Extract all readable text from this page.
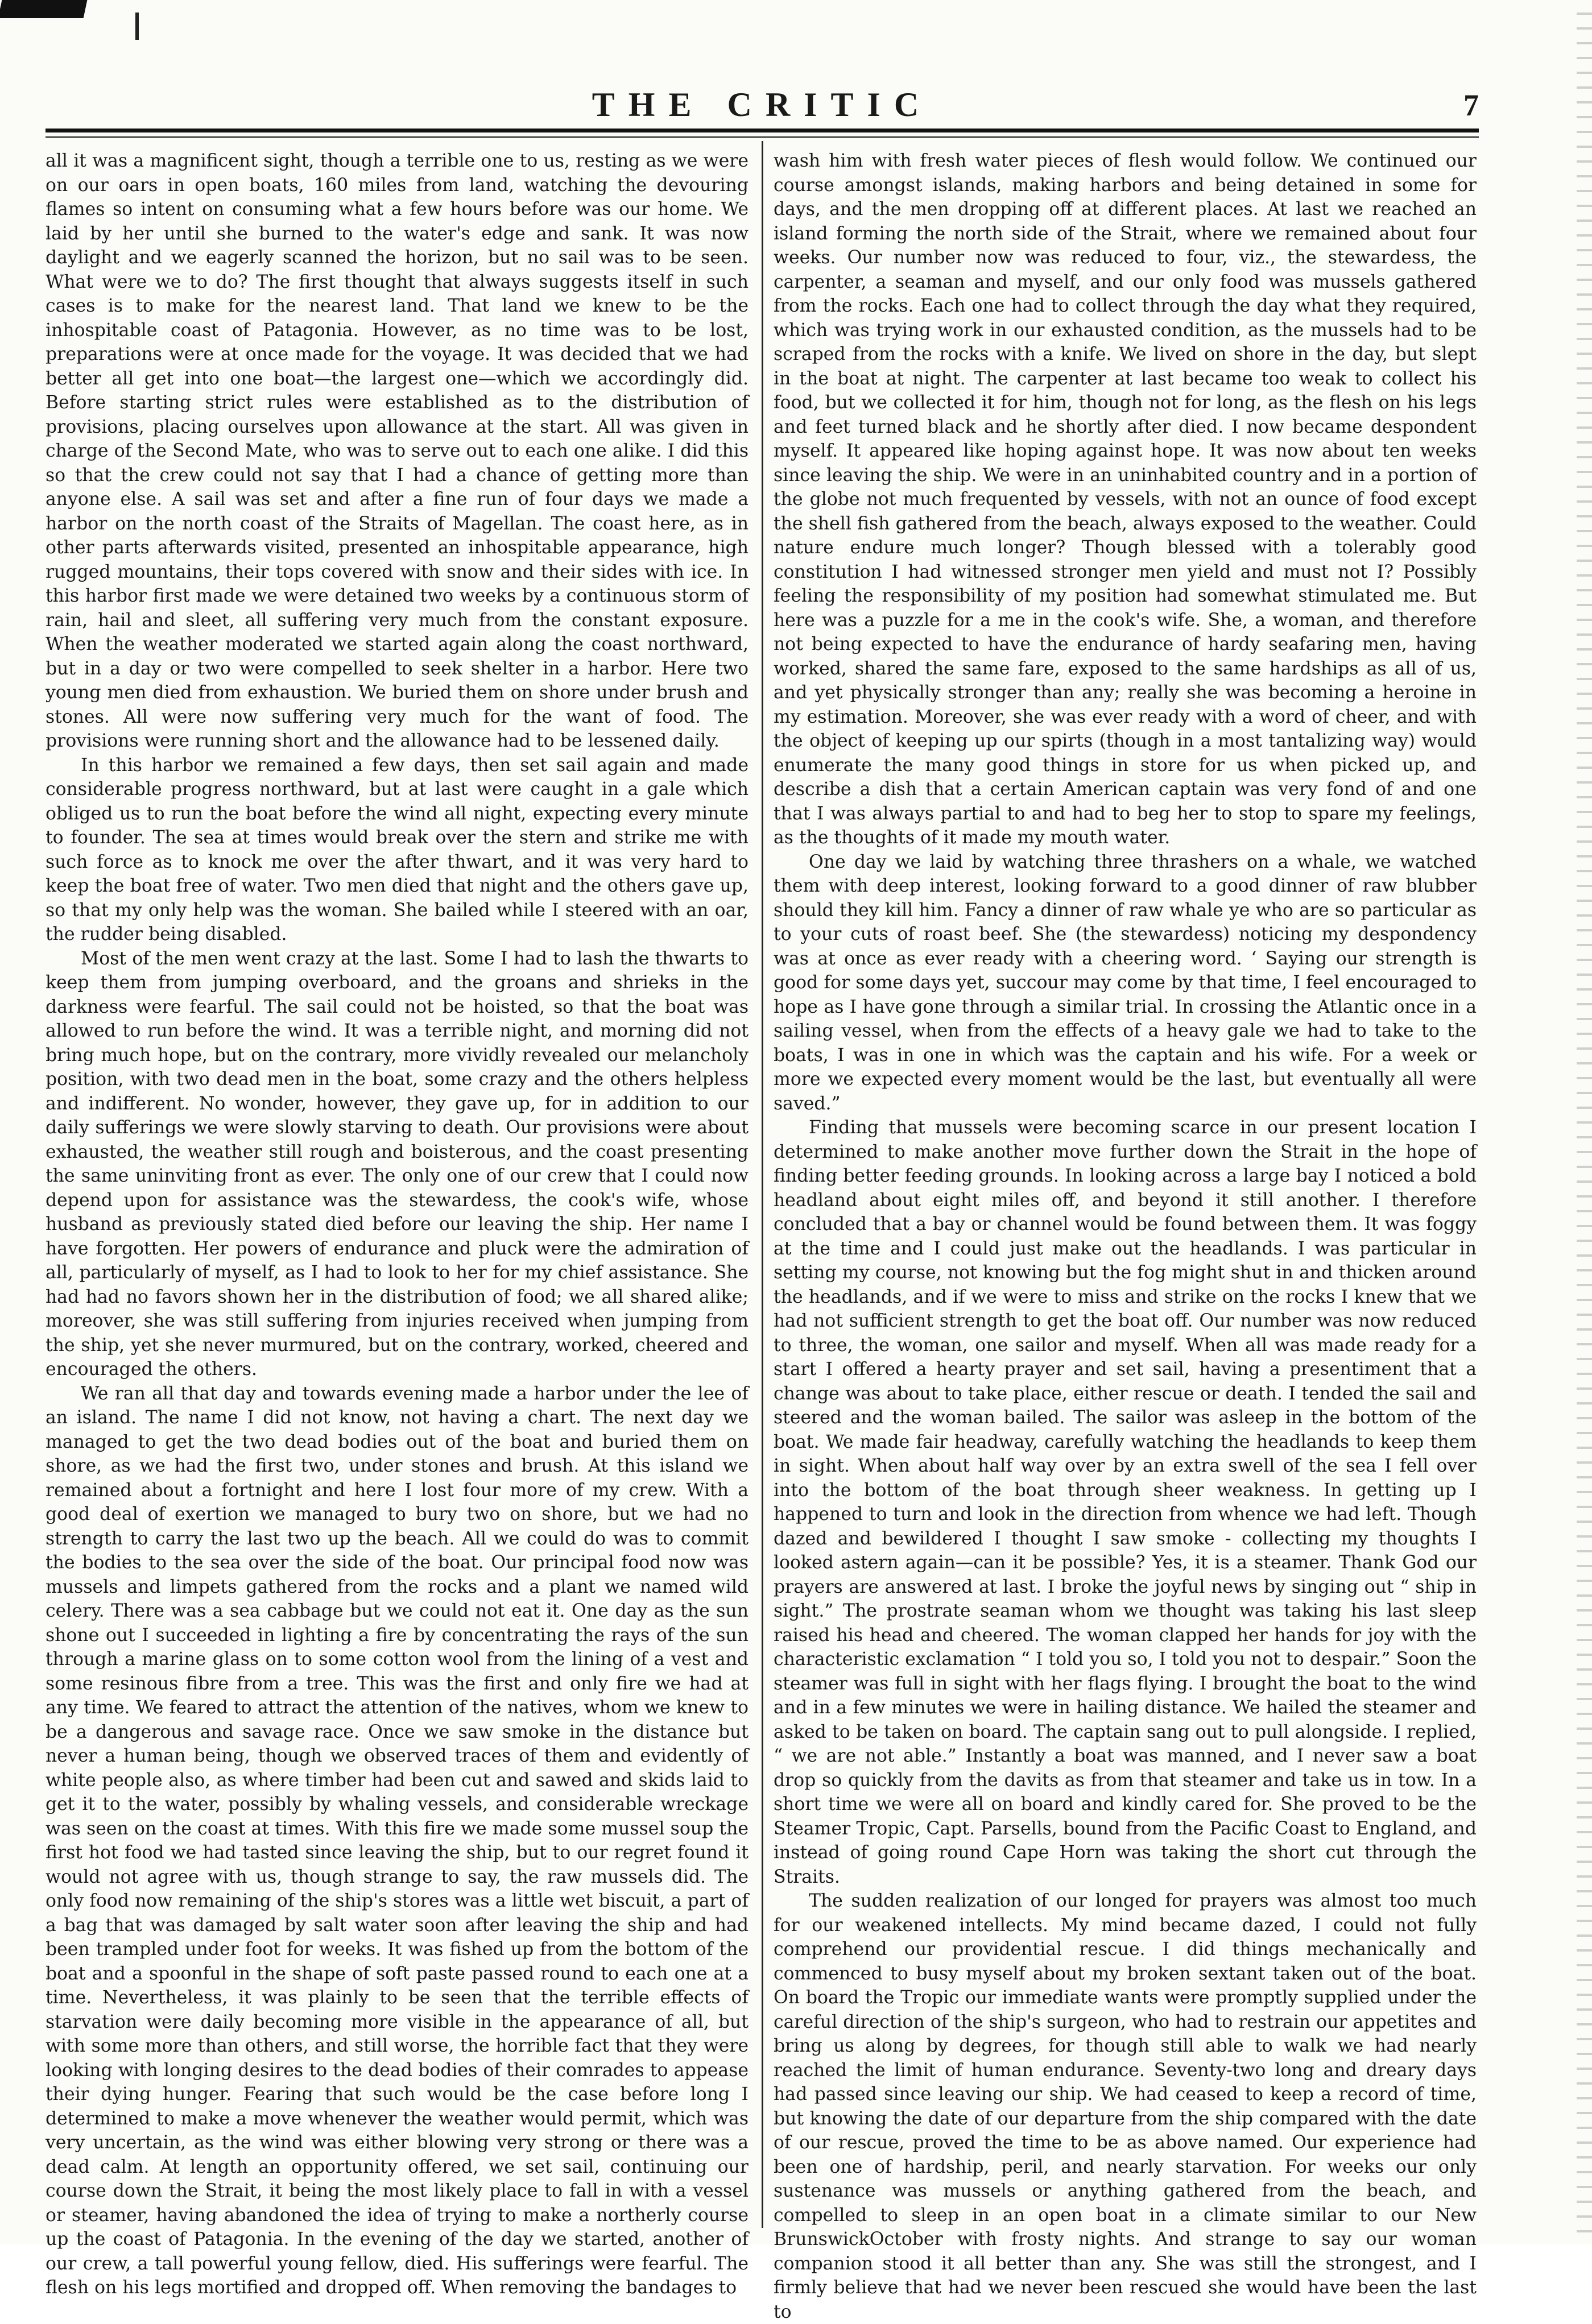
THE CRITIC	7

all it was a magnificent sight, though a terrible one to us, resting as we were on our oars in open boats, 160 miles from land, watching the devouring flames so intent on consuming what a few hours before was our home. We laid by her until she burned to the water's edge and sank. It was now daylight and we eagerly scanned the horizon, but no sail was to be seen. What were we to do? The first thought that always suggests itself in such cases is to make for the nearest land. That land we knew to be the inhospitable coast of Patagonia. However, as no time was to be lost, preparations were at once made for the voyage. It was decided that we had better all get into one boat—the largest one—which we accordingly did. Before starting strict rules were established as to the distribution of provisions, placing ourselves upon allowance at the start. All was given in charge of the Second Mate, who was to serve out to each one alike. I did this so that the crew could not say that I had a chance of getting more than anyone else. A sail was set and after a fine run of four days we made a harbor on the north coast of the Straits of Magellan. The coast here, as in other parts afterwards visited, presented an inhospitable appearance, high rugged mountains, their tops covered with snow and their sides with ice. In this harbor first made we were detained two weeks by a continuous storm of rain, hail and sleet, all suffering very much from the constant exposure. When the weather moderated we started again along the coast northward, but in a day or two were compelled to seek shelter in a harbor. Here two young men died from exhaustion. We buried them on shore under brush and stones. All were now suffering very much for the want of food. The provisions were running short and the allowance had to be lessened daily.

In this harbor we remained a few days, then set sail again and made considerable progress northward, but at last were caught in a gale which obliged us to run the boat before the wind all night, expecting every minute to founder. The sea at times would break over the stern and strike me with such force as to knock me over the after thwart, and it was very hard to keep the boat free of water. Two men died that night and the others gave up, so that my only help was the woman. She bailed while I steered with an oar, the rudder being disabled.

Most of the men went crazy at the last. Some I had to lash the thwarts to keep them from jumping overboard, and the groans and shrieks in the darkness were fearful. The sail could not be hoisted, so that the boat was allowed to run before the wind. It was a terrible night, and morning did not bring much hope, but on the contrary, more vividly revealed our melancholy position, with two dead men in the boat, some crazy and the others helpless and indifferent. No wonder, however, they gave up, for in addition to our daily sufferings we were slowly starving to death. Our provisions were about exhausted, the weather still rough and boisterous, and the coast presenting the same uninviting front as ever. The only one of our crew that I could now depend upon for assistance was the stewardess, the cook's wife, whose husband as previously stated died before our leaving the ship. Her name I have forgotten. Her powers of endurance and pluck were the admiration of all, particularly of myself, as I had to look to her for my chief assistance. She had had no favors shown her in the distribution of food; we all shared alike; moreover, she was still suffering from injuries received when jumping from the ship, yet she never murmured, but on the contrary, worked, cheered and encouraged the others.

We ran all that day and towards evening made a harbor under the lee of an island. The name I did not know, not having a chart. The next day we managed to get the two dead bodies out of the boat and buried them on shore, as we had the first two, under stones and brush. At this island we remained about a fortnight and here I lost four more of my crew. With a good deal of exertion we managed to bury two on shore, but we had no strength to carry the last two up the beach. All we could do was to commit the bodies to the sea over the side of the boat. Our principal food now was mussels and limpets gathered from the rocks and a plant we named wild celery. There was a sea cabbage but we could not eat it. One day as the sun shone out I succeeded in lighting a fire by concentrating the rays of the sun through a marine glass on to some cotton wool from the lining of a vest and some resinous fibre from a tree. This was the first and only fire we had at any time. We feared to attract the attention of the natives, whom we knew to be a dangerous and savage race. Once we saw smoke in the distance but never a human being, though we observed traces of them and evidently of white people also, as where timber had been cut and sawed and skids laid to get it to the water, possibly by whaling vessels, and considerable wreckage was seen on the coast at times. With this fire we made some mussel soup the first hot food we had tasted since leaving the ship, but to our regret found it would not agree with us, though strange to say, the raw mussels did. The only food now remaining of the ship's stores was a little wet biscuit, a part of a bag that was damaged by salt water soon after leaving the ship and had been trampled under foot for weeks. It was fished up from the bottom of the boat and a spoonful in the shape of soft paste passed round to each one at a time. Nevertheless, it was plainly to be seen that the terrible effects of starvation were daily becoming more visible in the appearance of all, but with some more than others, and still worse, the horrible fact that they were looking with longing desires to the dead bodies of their comrades to appease their dying hunger. Fearing that such would be the case before long I determined to make a move whenever the weather would permit, which was very uncertain, as the wind was either blowing very strong or there was a dead calm. At length an opportunity offered, we set sail, continuing our course down the Strait, it being the most likely place to fall in with a vessel or steamer, having abandoned the idea of trying to make a northerly course up the coast of Patagonia. In the evening of the day we started, another of our crew, a tall powerful young fellow, died. His sufferings were fearful. The flesh on his legs mortified and dropped off. When removing the bandages to

wash him with fresh water pieces of flesh would follow. We continued our course amongst islands, making harbors and being detained in some for days, and the men dropping off at different places. At last we reached an island forming the north side of the Strait, where we remained about four weeks. Our number now was reduced to four, viz., the stewardess, the carpenter, a seaman and myself, and our only food was mussels gathered from the rocks. Each one had to collect through the day what they required, which was trying work in our exhausted condition, as the mussels had to be scraped from the rocks with a knife. We lived on shore in the day, but slept in the boat at night. The carpenter at last became too weak to collect his food, but we collected it for him, though not for long, as the flesh on his legs and feet turned black and he shortly after died. I now became despondent myself. It appeared like hoping against hope. It was now about ten weeks since leaving the ship. We were in an uninhabited country and in a portion of the globe not much frequented by vessels, with not an ounce of food except the shell fish gathered from the beach, always exposed to the weather. Could nature endure much longer? Though blessed with a tolerably good constitution I had witnessed stronger men yield and must not I? Possibly feeling the responsibility of my position had somewhat stimulated me. But here was a puzzle for a me in the cook's wife. She, a woman, and therefore not being expected to have the endurance of hardy seafaring men, having worked, shared the same fare, exposed to the same hardships as all of us, and yet physically stronger than any; really she was becoming a heroine in my estimation. Moreover, she was ever ready with a word of cheer, and with the object of keeping up our spirts (though in a most tantalizing way) would enumerate the many good things in store for us when picked up, and describe a dish that a certain American captain was very fond of and one that I was always partial to and had to beg her to stop to spare my feelings, as the thoughts of it made my mouth water.

One day we laid by watching three thrashers on a whale, we watched them with deep interest, looking forward to a good dinner of raw blubber should they kill him. Fancy a dinner of raw whale ye who are so particular as to your cuts of roast beef. She (the stewardess) noticing my despondency was at once as ever ready with a cheering word. ‘ Saying our strength is good for some days yet, succour may come by that time, I feel encouraged to hope as I have gone through a similar trial. In crossing the Atlantic once in a sailing vessel, when from the effects of a heavy gale we had to take to the boats, I was in one in which was the captain and his wife. For a week or more we expected every moment would be the last, but eventually all were saved.”

Finding that mussels were becoming scarce in our present location I determined to make another move further down the Strait in the hope of finding better feeding grounds. In looking across a large bay I noticed a bold headland about eight miles off, and beyond it still another. I therefore concluded that a bay or channel would be found between them. It was foggy at the time and I could just make out the headlands. I was particular in setting my course, not knowing but the fog might shut in and thicken around the headlands, and if we were to miss and strike on the rocks I knew that we had not sufficient strength to get the boat off. Our number was now reduced to three, the woman, one sailor and myself. When all was made ready for a start I offered a hearty prayer and set sail, having a presentiment that a change was about to take place, either rescue or death. I tended the sail and steered and the woman bailed. The sailor was asleep in the bottom of the boat. We made fair headway, carefully watching the headlands to keep them in sight. When about half way over by an extra swell of the sea I fell over into the bottom of the boat through sheer weakness. In getting up I happened to turn and look in the direction from whence we had left. Though dazed and bewildered I thought I saw smoke - collecting my thoughts I looked astern again—can it be possible? Yes, it is a steamer. Thank God our prayers are answered at last. I broke the joyful news by singing out “ ship in sight.” The prostrate seaman whom we thought was taking his last sleep raised his head and cheered. The woman clapped her hands for joy with the characteristic exclamation “ I told you so, I told you not to despair.” Soon the steamer was full in sight with her flags flying. I brought the boat to the wind and in a few minutes we were in hailing distance. We hailed the steamer and asked to be taken on board. The captain sang out to pull alongside. I replied, “ we are not able.” Instantly a boat was manned, and I never saw a boat drop so quickly from the davits as from that steamer and take us in tow. In a short time we were all on board and kindly cared for. She proved to be the Steamer Tropic, Capt. Parsells, bound from the Pacific Coast to England, and instead of going round Cape Horn was taking the short cut through the Straits.

The sudden realization of our longed for prayers was almost too much for our weakened intellects. My mind became dazed, I could not fully comprehend our providential rescue. I did things mechanically and commenced to busy myself about my broken sextant taken out of the boat. On board the Tropic our immediate wants were promptly supplied under the careful direction of the ship's surgeon, who had to restrain our appetites and bring us along by degrees, for though still able to walk we had nearly reached the limit of human endurance. Seventy-two long and dreary days had passed since leaving our ship. We had ceased to keep a record of time, but knowing the date of our departure from the ship compared with the date of our rescue, proved the time to be as above named. Our experience had been one of hardship, peril, and nearly starvation. For weeks our only sustenance was mussels or anything gathered from the beach, and compelled to sleep in an open boat in a climate similar to our New BrunswickOctober with frosty nights. And strange to say our woman companion stood it all better than any. She was still the strongest, and I firmly believe that had we never been rescued she would have been the last to
